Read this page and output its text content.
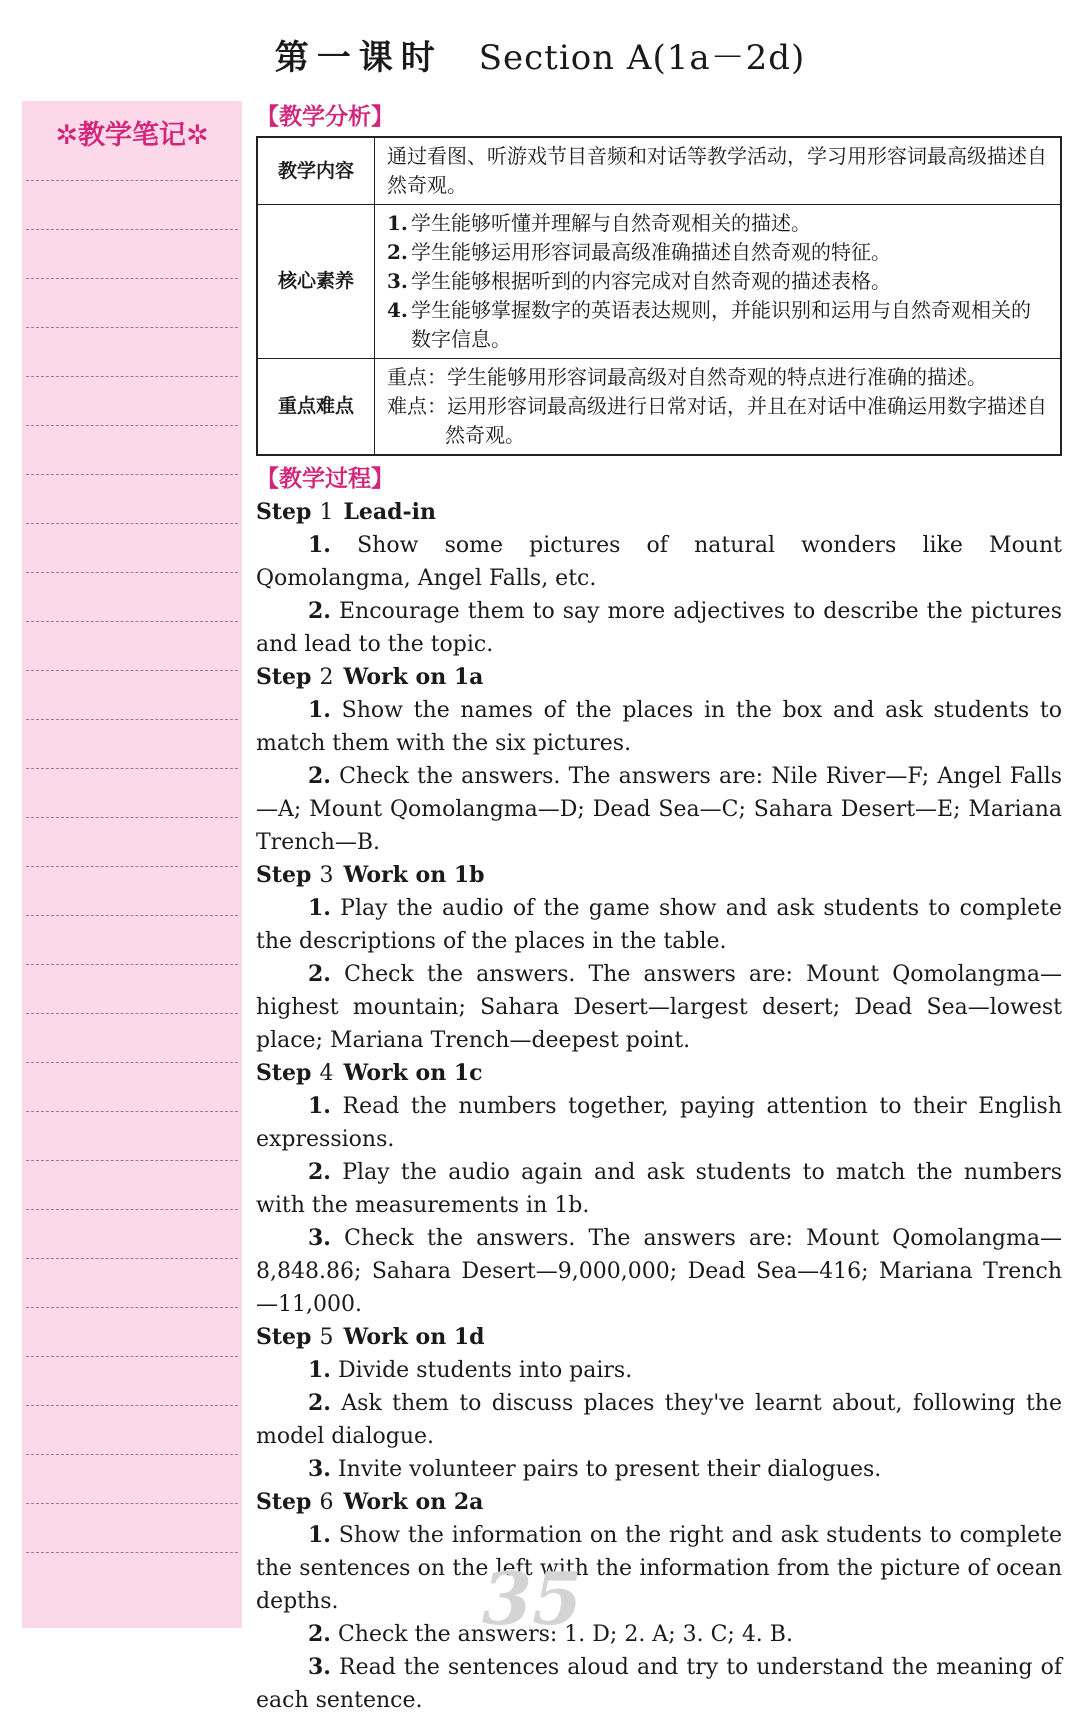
第一课时 Section A(1a－2d)
✲教学笔记✲
【教学分析】
教学内容	通过看图、听游戏节目音频和对话等教学活动，学习用形容词最高级描述自然奇观。
核心素养	1. 学生能够听懂并理解与自然奇观相关的描述。
2. 学生能够运用形容词最高级准确描述自然奇观的特征。
3. 学生能够根据听到的内容完成对自然奇观的描述表格。
4. 学生能够掌握数字的英语表达规则，并能识别和运用与自然奇观相关的数字信息。

重点难点	重点：学生能够用形容词最高级对自然奇观的特点进行准确的描述。
难点：运用形容词最高级进行日常对话，并且在对话中准确运用数字描述自然奇观。
【教学过程】
Step 1 Lead-in
1. Show some pictures of natural wonders like Mount Qomolangma, Angel Falls, etc.
2. Encourage them to say more adjectives to describe the pictures and lead to the topic.
Step 2 Work on 1a
1. Show the names of the places in the box and ask students to match them with the six pictures.
2. Check the answers. The answers are: Nile River—F; Angel Falls—A; Mount Qomolangma—D; Dead Sea—C; Sahara Desert—E; Mariana Trench—B.
Step 3 Work on 1b
1. Play the audio of the game show and ask students to complete the descriptions of the places in the table.
2. Check the answers. The answers are: Mount Qomolangma—highest mountain; Sahara Desert—largest desert; Dead Sea—lowest place; Mariana Trench—deepest point.
Step 4 Work on 1c
1. Read the numbers together, paying attention to their English expressions.
2. Play the audio again and ask students to match the numbers with the measurements in 1b.
3. Check the answers. The answers are: Mount Qomolangma—8,848.86; Sahara Desert—9,000,000; Dead Sea—416; Mariana Trench—11,000.
Step 5 Work on 1d
1. Divide students into pairs.
2. Ask them to discuss places they've learnt about, following the model dialogue.
3. Invite volunteer pairs to present their dialogues.
Step 6 Work on 2a
1. Show the information on the right and ask students to complete the sentences on the left with the information from the picture of ocean depths.
2. Check the answers: 1. D; 2. A; 3. C; 4. B.
3. Read the sentences aloud and try to understand the meaning of each sentence.
35
